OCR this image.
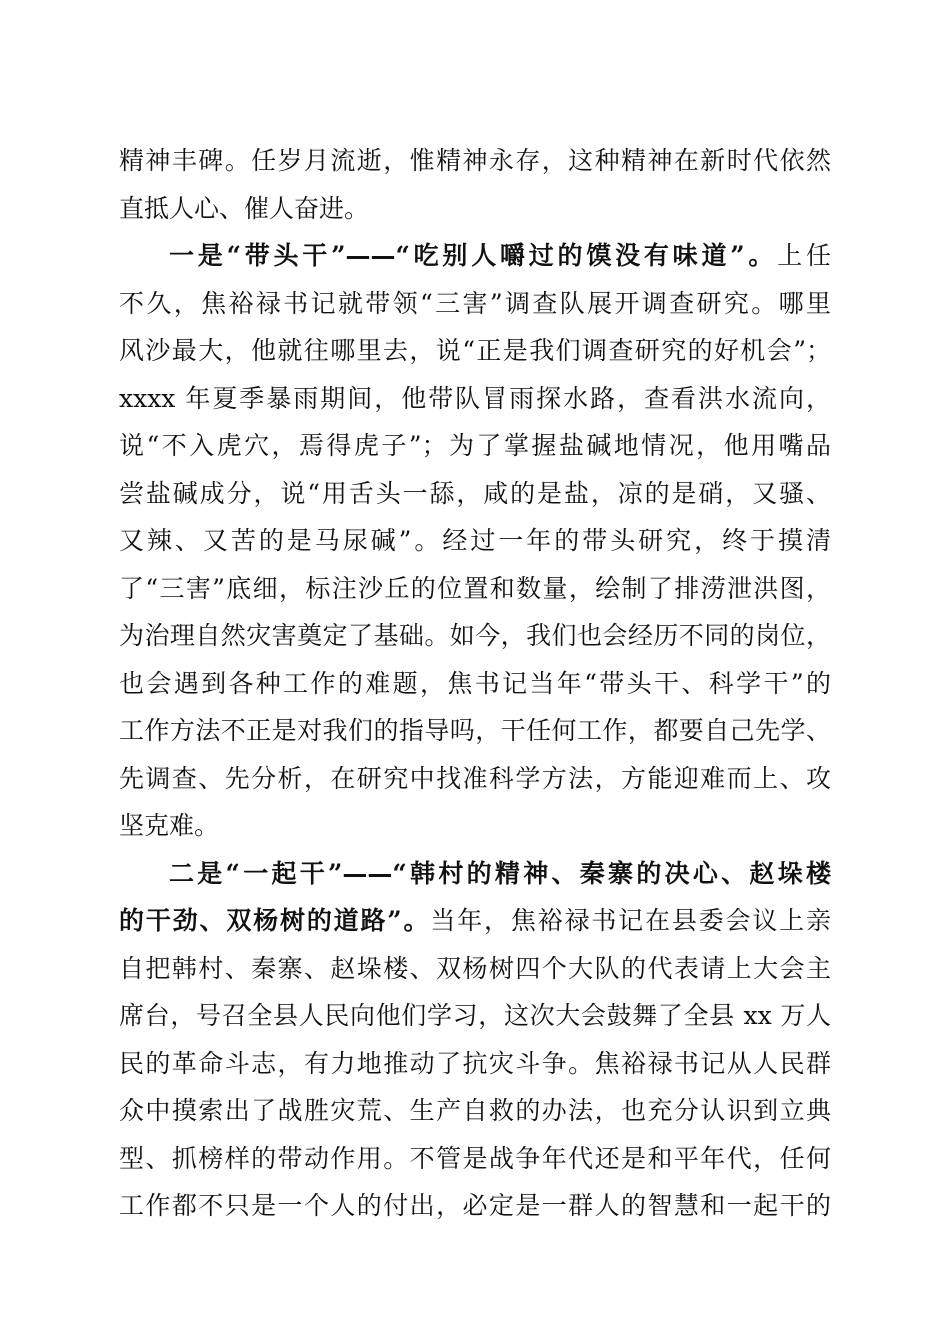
精神丰碑。任岁月流逝，惟精神永存，这种精神在新时代依然
直抵人心、催人奋进。
一是“带头干”——“吃别人嚼过的馍没有味道”。上任
不久，焦裕禄书记就带领“三害”调查队展开调查研究。哪里
风沙最大，他就往哪里去，说“正是我们调查研究的好机会”；
xxxx 年夏季暴雨期间，他带队冒雨探水路，查看洪水流向，
说“不入虎穴，焉得虎子”；为了掌握盐碱地情况，他用嘴品
尝盐碱成分，说“用舌头一舔，咸的是盐，凉的是硝，又骚、
又辣、又苦的是马尿碱”。经过一年的带头研究，终于摸清
了“三害”底细，标注沙丘的位置和数量，绘制了排涝泄洪图，
为治理自然灾害奠定了基础。如今，我们也会经历不同的岗位，
也会遇到各种工作的难题，焦书记当年“带头干、科学干”的
工作方法不正是对我们的指导吗，干任何工作，都要自己先学、
先调查、先分析，在研究中找准科学方法，方能迎难而上、攻
坚克难。
二是“一起干”——“韩村的精神、秦寨的决心、赵垛楼
的干劲、双杨树的道路”。当年，焦裕禄书记在县委会议上亲
自把韩村、秦寨、赵垛楼、双杨树四个大队的代表请上大会主
席台，号召全县人民向他们学习，这次大会鼓舞了全县 xx 万人
民的革命斗志，有力地推动了抗灾斗争。焦裕禄书记从人民群
众中摸索出了战胜灾荒、生产自救的办法，也充分认识到立典
型、抓榜样的带动作用。不管是战争年代还是和平年代，任何
工作都不只是一个人的付出，必定是一群人的智慧和一起干的
